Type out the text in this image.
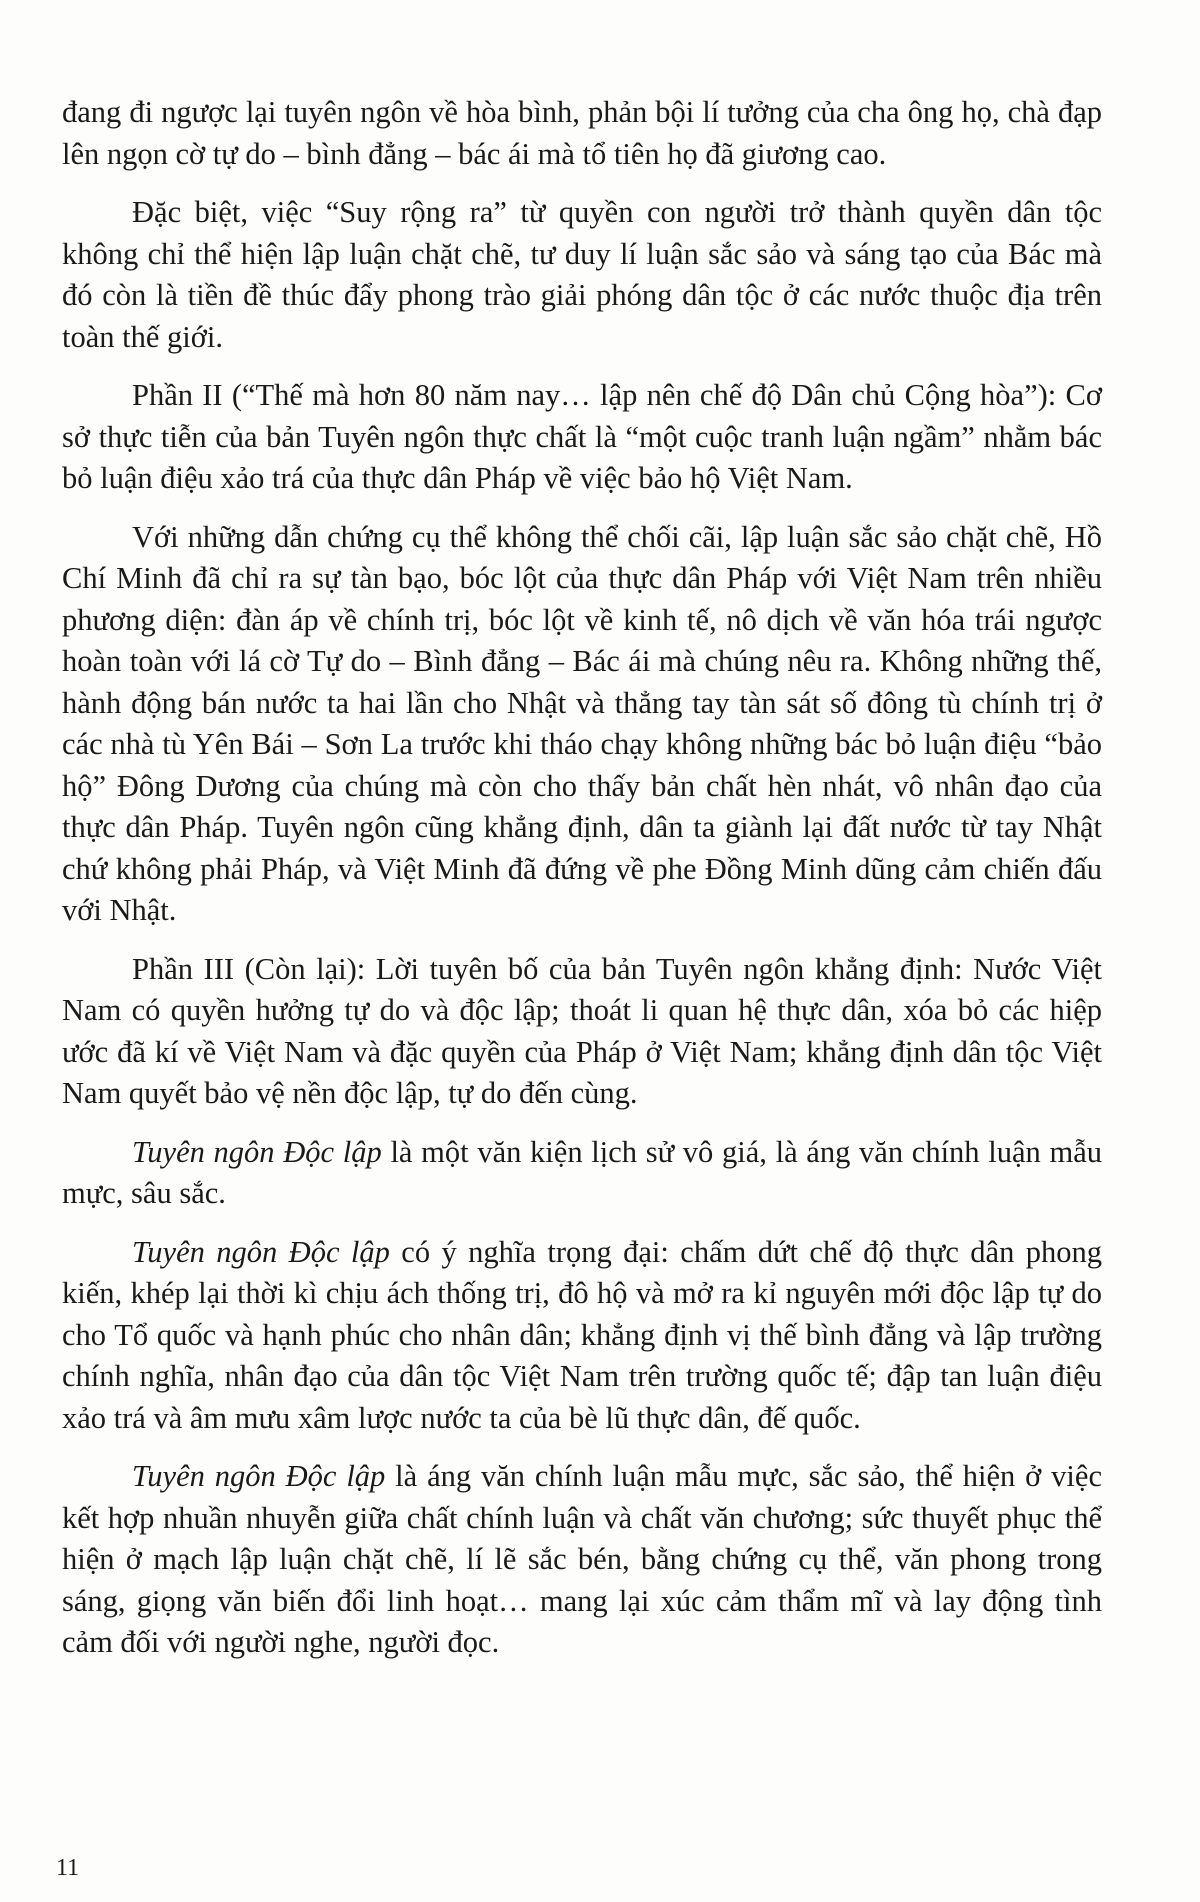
đang đi ngược lại tuyên ngôn về hòa bình, phản bội lí tưởng của cha ông họ, chà đạp lên ngọn cờ tự do – bình đẳng – bác ái mà tổ tiên họ đã giương cao.

Đặc biệt, việc “Suy rộng ra” từ quyền con người trở thành quyền dân tộc không chỉ thể hiện lập luận chặt chẽ, tư duy lí luận sắc sảo và sáng tạo của Bác mà đó còn là tiền đề thúc đẩy phong trào giải phóng dân tộc ở các nước thuộc địa trên toàn thế giới.

Phần II (“Thế mà hơn 80 năm nay… lập nên chế độ Dân chủ Cộng hòa”): Cơ sở thực tiễn của bản Tuyên ngôn thực chất là “một cuộc tranh luận ngầm” nhằm bác bỏ luận điệu xảo trá của thực dân Pháp về việc bảo hộ Việt Nam.

Với những dẫn chứng cụ thể không thể chối cãi, lập luận sắc sảo chặt chẽ, Hồ Chí Minh đã chỉ ra sự tàn bạo, bóc lột của thực dân Pháp với Việt Nam trên nhiều phương diện: đàn áp về chính trị, bóc lột về kinh tế, nô dịch về văn hóa trái ngược hoàn toàn với lá cờ Tự do – Bình đẳng – Bác ái mà chúng nêu ra. Không những thế, hành động bán nước ta hai lần cho Nhật và thẳng tay tàn sát số đông tù chính trị ở các nhà tù Yên Bái – Sơn La trước khi tháo chạy không những bác bỏ luận điệu “bảo hộ” Đông Dương của chúng mà còn cho thấy bản chất hèn nhát, vô nhân đạo của thực dân Pháp. Tuyên ngôn cũng khẳng định, dân ta giành lại đất nước từ tay Nhật chứ không phải Pháp, và Việt Minh đã đứng về phe Đồng Minh dũng cảm chiến đấu với Nhật.

Phần III (Còn lại): Lời tuyên bố của bản Tuyên ngôn khẳng định: Nước Việt Nam có quyền hưởng tự do và độc lập; thoát li quan hệ thực dân, xóa bỏ các hiệp ước đã kí về Việt Nam và đặc quyền của Pháp ở Việt Nam; khẳng định dân tộc Việt Nam quyết bảo vệ nền độc lập, tự do đến cùng.

Tuyên ngôn Độc lập là một văn kiện lịch sử vô giá, là áng văn chính luận mẫu mực, sâu sắc.

Tuyên ngôn Độc lập có ý nghĩa trọng đại: chấm dứt chế độ thực dân phong kiến, khép lại thời kì chịu ách thống trị, đô hộ và mở ra kỉ nguyên mới độc lập tự do cho Tổ quốc và hạnh phúc cho nhân dân; khẳng định vị thế bình đẳng và lập trường chính nghĩa, nhân đạo của dân tộc Việt Nam trên trường quốc tế; đập tan luận điệu xảo trá và âm mưu xâm lược nước ta của bè lũ thực dân, đế quốc.

Tuyên ngôn Độc lập là áng văn chính luận mẫu mực, sắc sảo, thể hiện ở việc kết hợp nhuần nhuyễn giữa chất chính luận và chất văn chương; sức thuyết phục thể hiện ở mạch lập luận chặt chẽ, lí lẽ sắc bén, bằng chứng cụ thể, văn phong trong sáng, giọng văn biến đổi linh hoạt… mang lại xúc cảm thẩm mĩ và lay động tình cảm đối với người nghe, người đọc.

11
